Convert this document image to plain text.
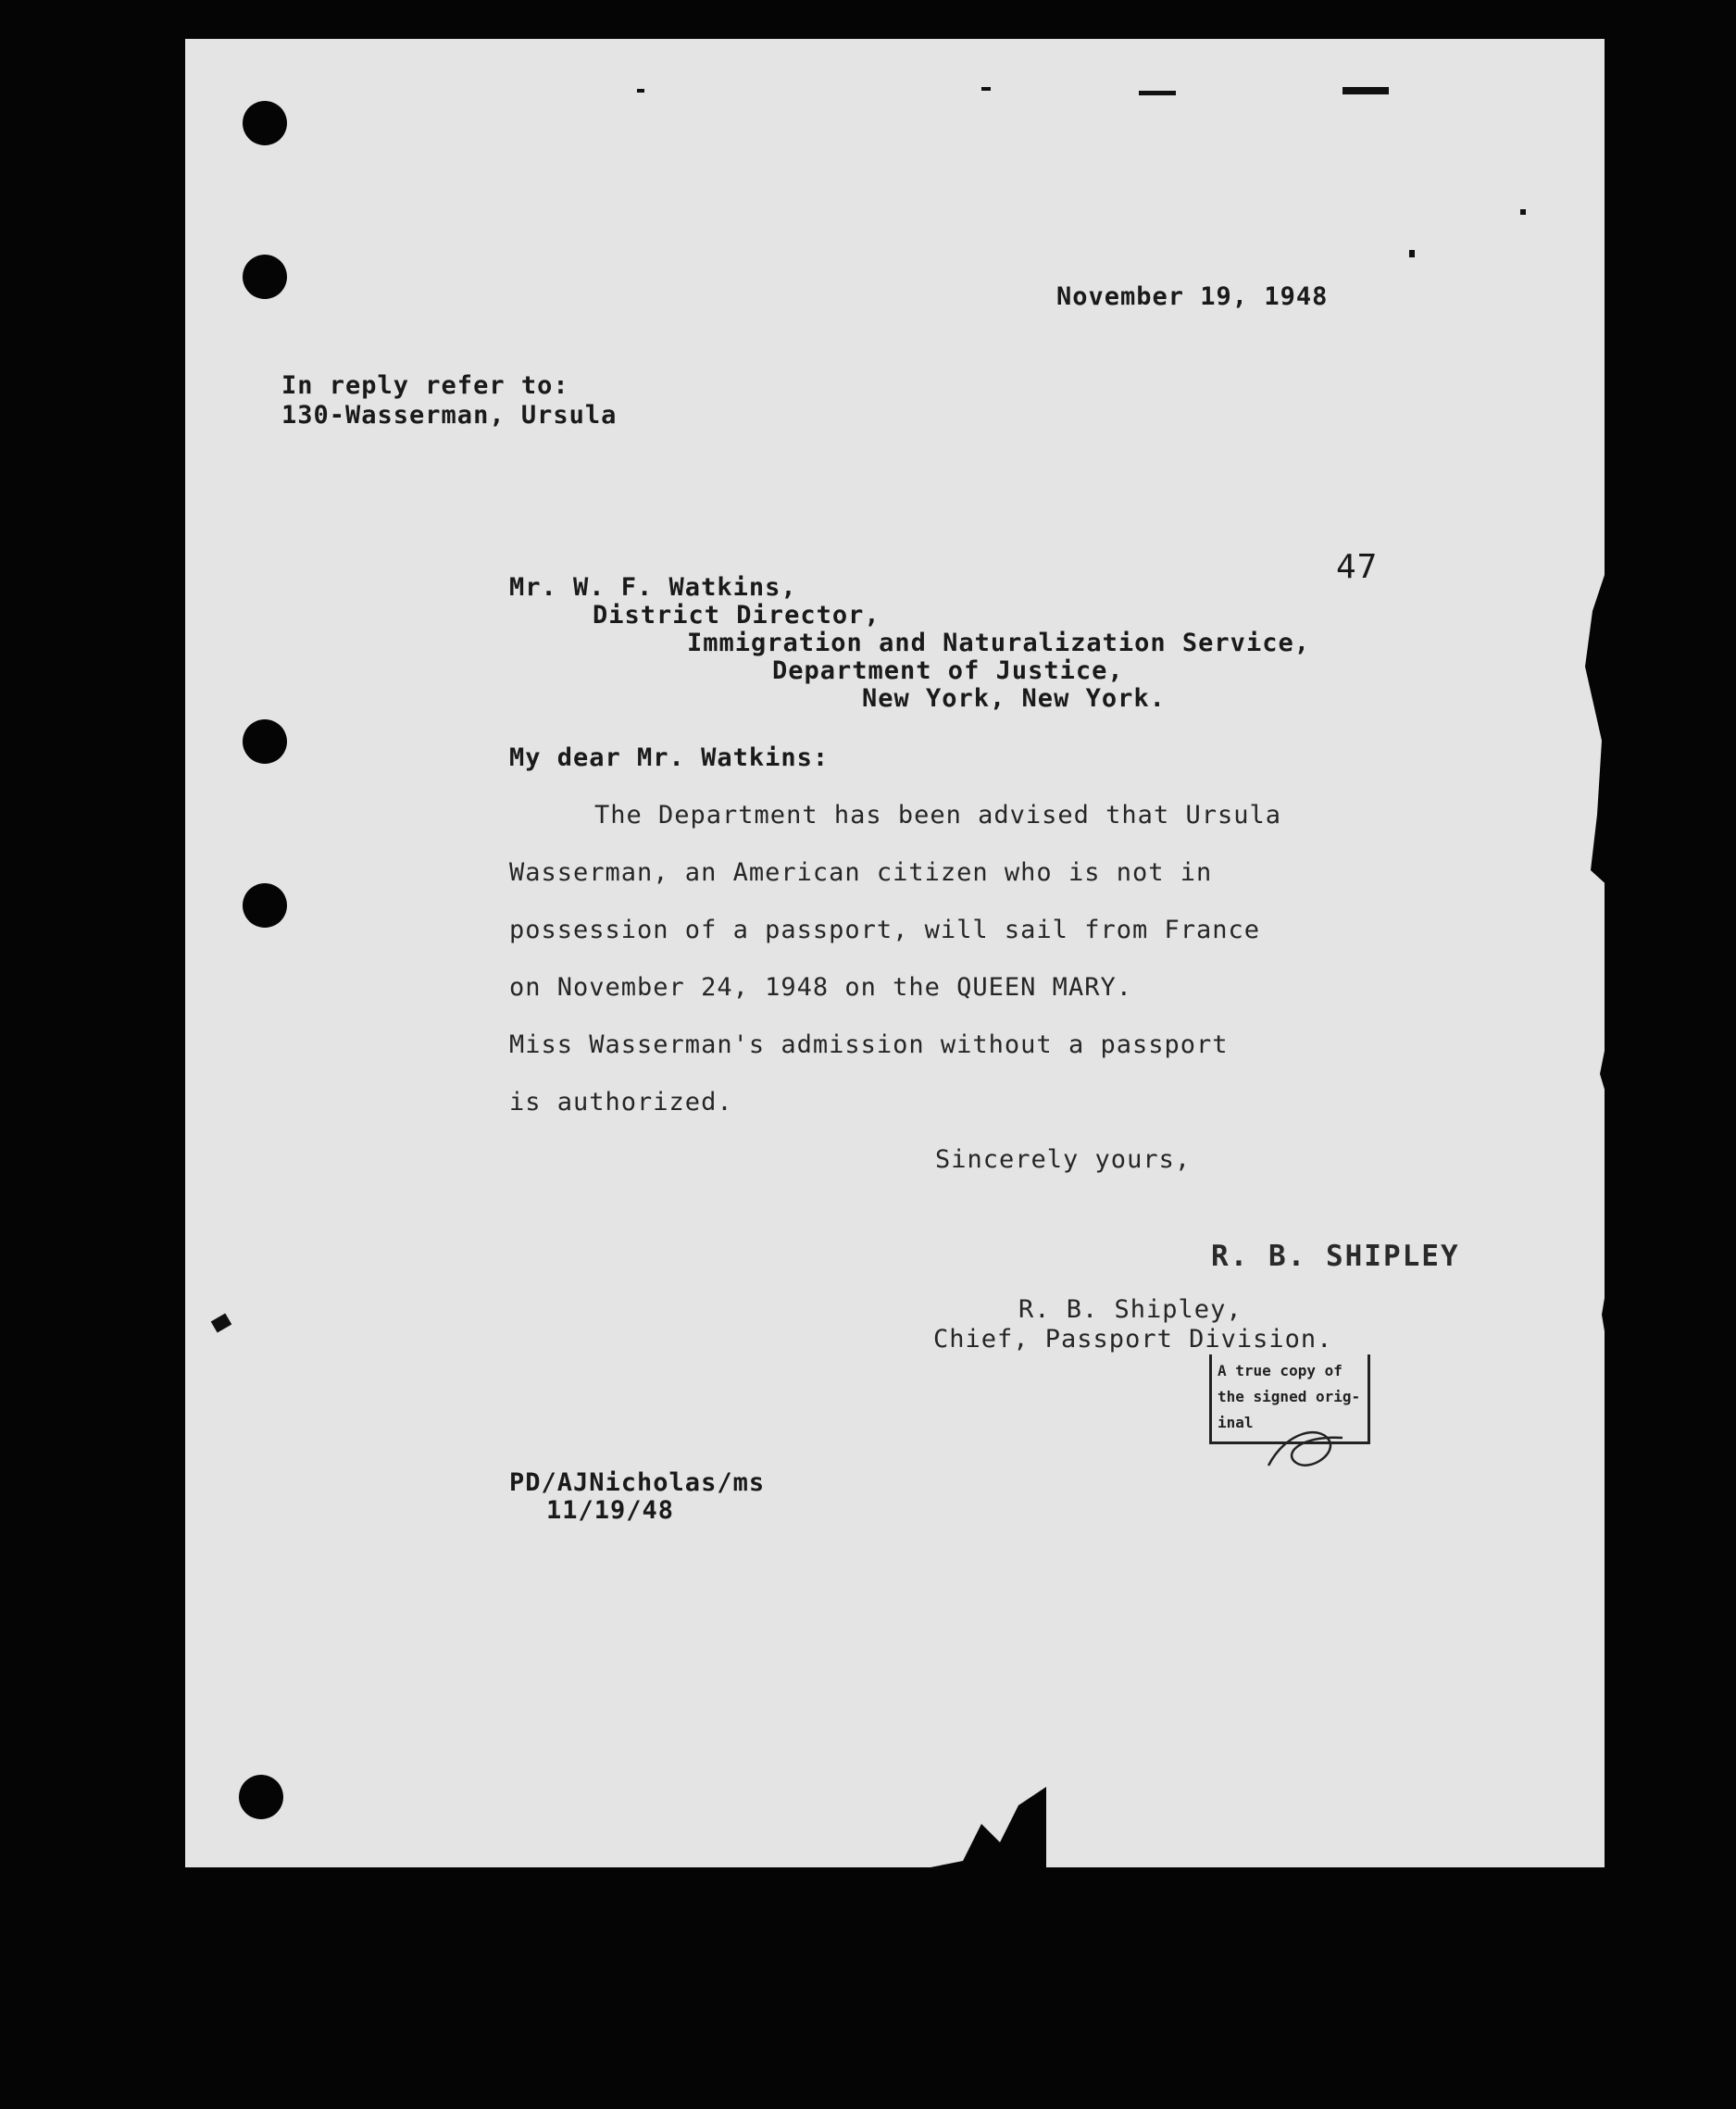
November 19, 1948

In reply refer to:

130-Wasserman, Ursula

47

Mr. W. F. Watkins,

District Director,

Immigration and Naturalization Service,

Department of Justice,

New York, New York.

My dear Mr. Watkins:

The Department has been advised that Ursula

Wasserman, an American citizen who is not in

possession of a passport, will sail from France

on November 24, 1948 on the QUEEN MARY.

Miss Wasserman's admission without a passport

is authorized.

Sincerely yours,

R. B. SHIPLEY

R. B. Shipley,

Chief, Passport Division.

A true copy of
the signed orig-
inal

PD/AJNicholas/ms

11/19/48
